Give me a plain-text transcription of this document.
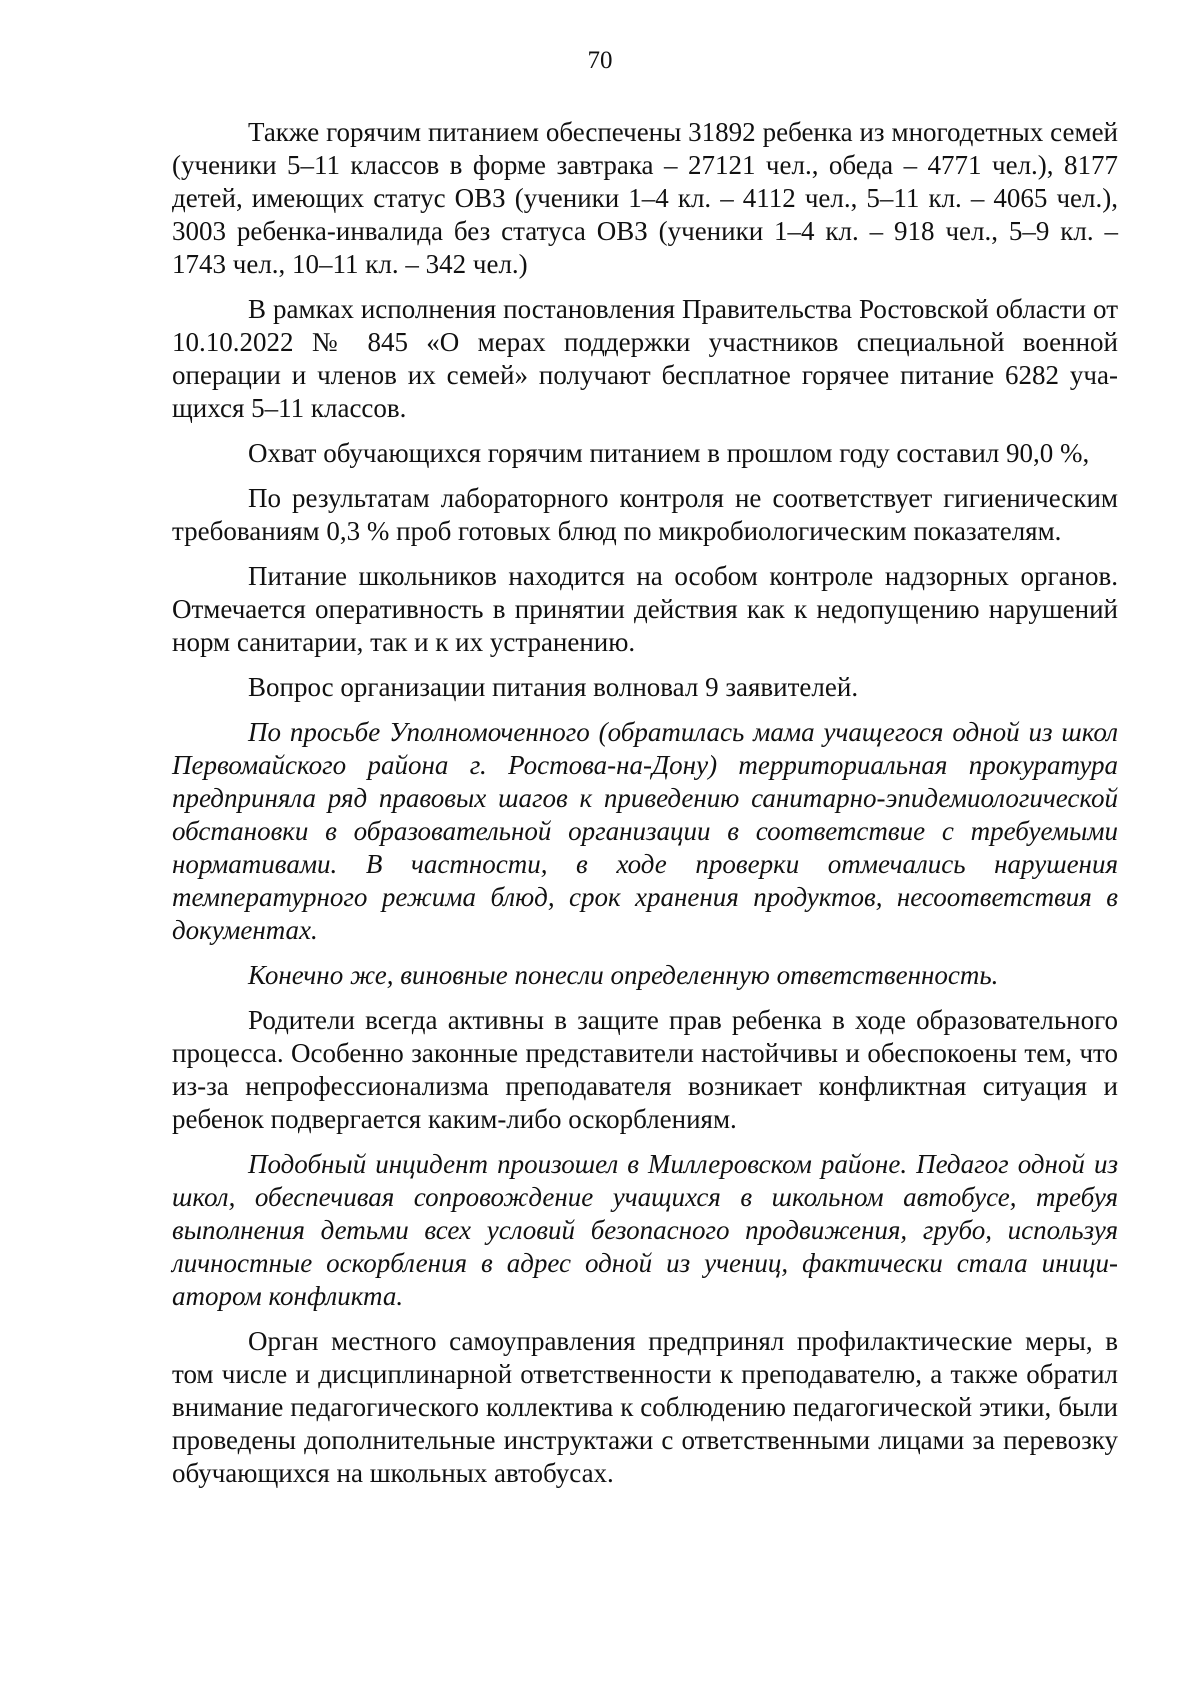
70

Также горячим питанием обеспечены 31892 ребенка из многодетных семей (ученики 5–11 классов в форме завтрака – 27121 чел., обеда – 4771 чел.), 8177 детей, имеющих статус ОВЗ (ученики 1–4 кл. – 4112 чел., 5–11 кл. – 4065 чел.), 3003 ребенка-инвалида без статуса ОВЗ (ученики 1–4 кл. – 918 чел., 5–9 кл. – 1743 чел., 10–11 кл. – 342 чел.)

В рамках исполнения постановления Правительства Ростовской области от 10.10.2022 № 845 «О мерах поддержки участников специальной военной операции и членов их семей» получают бесплатное горячее питание 6282 учащихся 5–11 классов.

Охват обучающихся горячим питанием в прошлом году составил 90,0 %,

По результатам лабораторного контроля не соответствует гигиеническим требованиям 0,3 % проб готовых блюд по микробиологическим показателям.

Питание школьников находится на особом контроле надзорных органов. Отмечается оперативность в принятии действия как к недопущению нарушений норм санитарии, так и к их устранению.

Вопрос организации питания волновал 9 заявителей.

По просьбе Уполномоченного (обратилась мама учащегося одной из школ Первомайского района г. Ростова-на-Дону) территориальная прокуратура предприняла ряд правовых шагов к приведению санитарно-эпидемиологической обстановки в образовательной организации в соответствие с требуемыми нормативами. В частности, в ходе проверки отмечались нарушения температурного режима блюд, срок хранения продуктов, несоответствия в документах.

Конечно же, виновные понесли определенную ответственность.

Родители всегда активны в защите прав ребенка в ходе образовательного процесса. Особенно законные представители настойчивы и обеспокоены тем, что из-за непрофессионализма преподавателя возникает конфликтная ситуация и ребенок подвергается каким-либо оскорблениям.

Подобный инцидент произошел в Миллеровском районе. Педагог одной из школ, обеспечивая сопровождение учащихся в школьном автобусе, требуя выполнения детьми всех условий безопасного продвижения, грубо, используя личностные оскорбления в адрес одной из учениц, фактически стала инициатором конфликта.

Орган местного самоуправления предпринял профилактические меры, в том числе и дисциплинарной ответственности к преподавателю, а также обратил внимание педагогического коллектива к соблюдению педагогической этики, были проведены дополнительные инструктажи с ответственными лицами за перевозку обучающихся на школьных автобусах.
